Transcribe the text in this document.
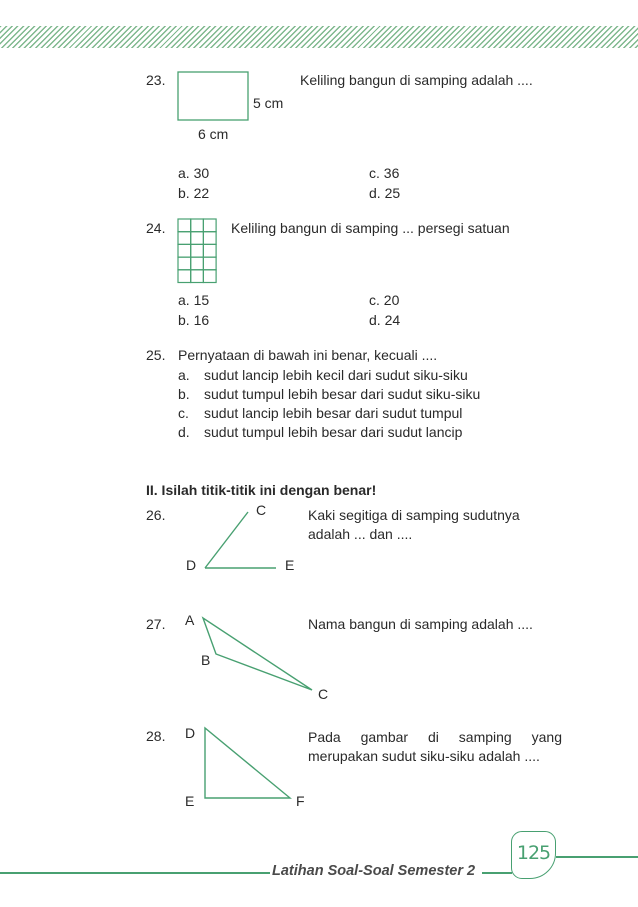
23.
5 cm
6 cm
Keliling bangun di samping adalah ....
a. 30
b. 22
c. 36
d. 25
24.	Keliling bangun di samping ... persegi satuan
a. 15
b. 16
c. 20
d. 24
25. Pernyataan di bawah ini benar, kecuali ....
a. sudut lancip lebih kecil dari sudut siku-siku
b. sudut tumpul lebih besar dari sudut siku-siku
c. sudut lancip lebih besar dari sudut tumpul
d. sudut tumpul lebih besar dari sudut lancip
II. Isilah titik-titik ini dengan benar!
26.	C
D	E
Kaki segitiga di samping sudutnya
adalah ... dan ....
27. A
B
C
Nama bangun di samping adalah ....
28. D
E	F
Pada gambar di samping yang merupakan sudut siku-siku adalah ....
Latihan Soal-Soal Semester 2
125
